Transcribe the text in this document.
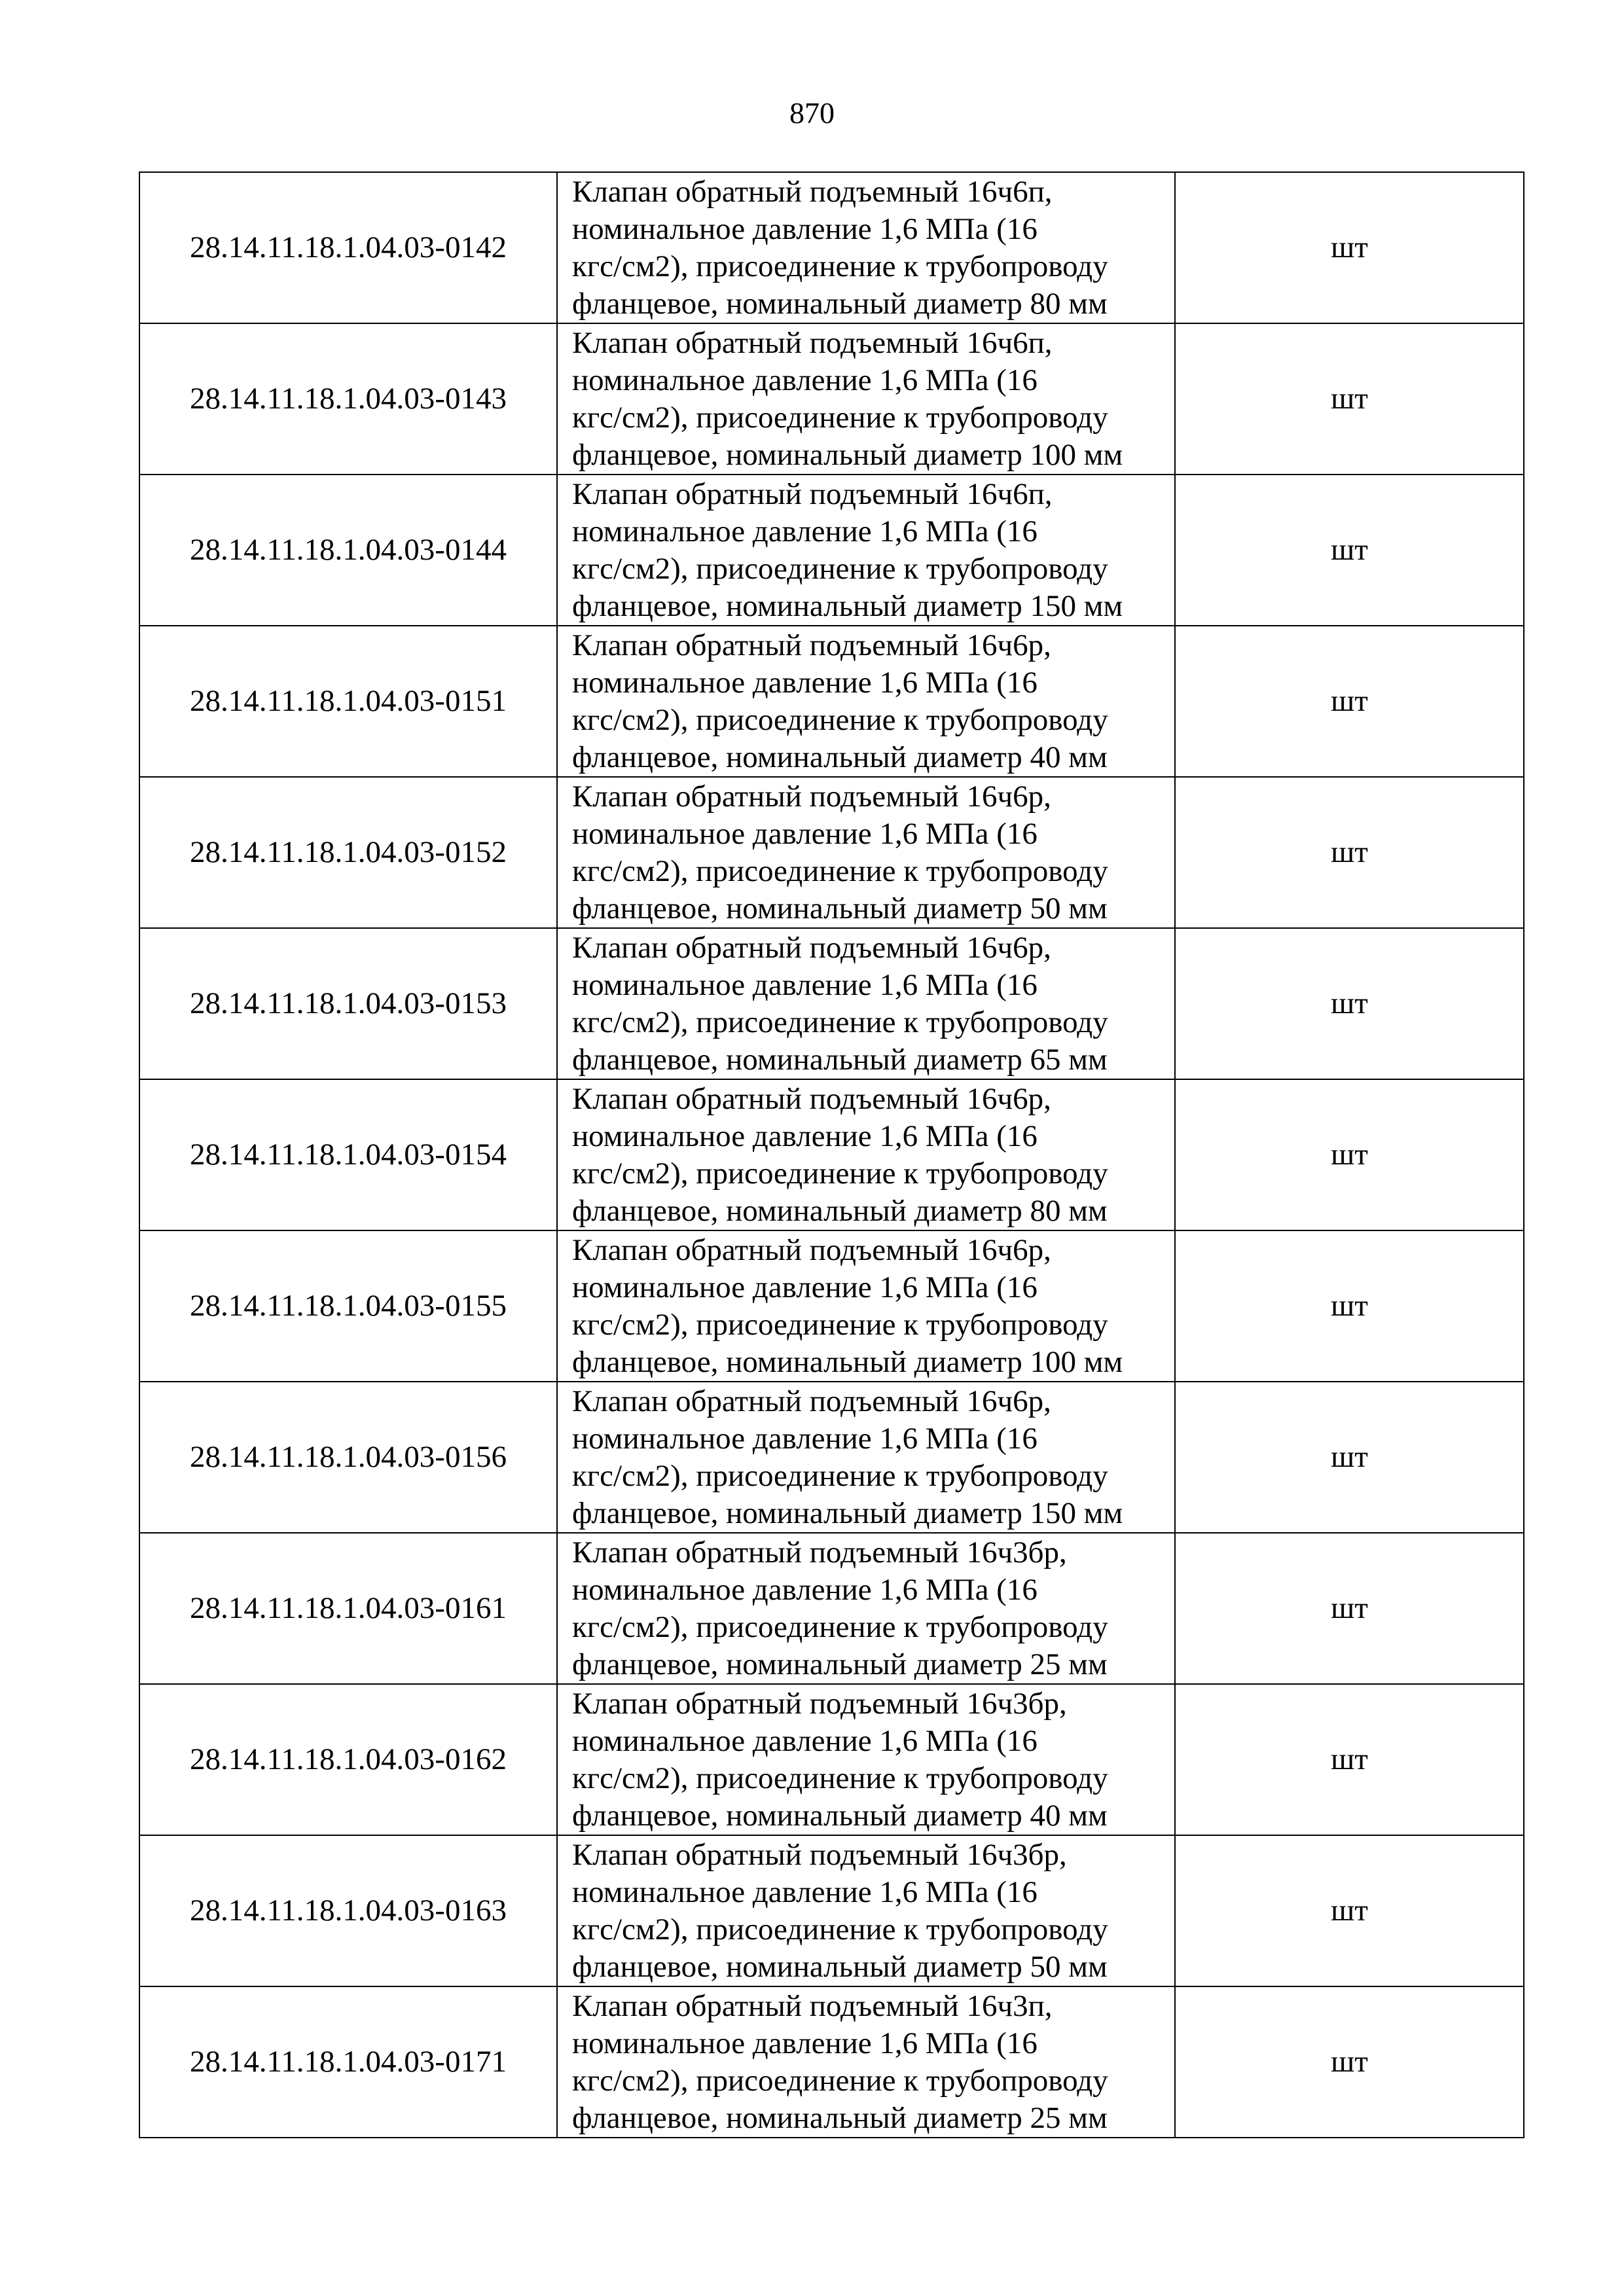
870
28.14.11.18.1.04.03-0142	Клапан обратный подъемный 16ч6п,
номинальное давление 1,6 МПа (16
кгс/см2), присоединение к трубопроводу
фланцевое, номинальный диаметр 80 мм	шт
28.14.11.18.1.04.03-0143	Клапан обратный подъемный 16ч6п,
номинальное давление 1,6 МПа (16
кгс/см2), присоединение к трубопроводу
фланцевое, номинальный диаметр 100 мм	шт
28.14.11.18.1.04.03-0144	Клапан обратный подъемный 16ч6п,
номинальное давление 1,6 МПа (16
кгс/см2), присоединение к трубопроводу
фланцевое, номинальный диаметр 150 мм	шт
28.14.11.18.1.04.03-0151	Клапан обратный подъемный 16ч6р,
номинальное давление 1,6 МПа (16
кгс/см2), присоединение к трубопроводу
фланцевое, номинальный диаметр 40 мм	шт
28.14.11.18.1.04.03-0152	Клапан обратный подъемный 16ч6р,
номинальное давление 1,6 МПа (16
кгс/см2), присоединение к трубопроводу
фланцевое, номинальный диаметр 50 мм	шт
28.14.11.18.1.04.03-0153	Клапан обратный подъемный 16ч6р,
номинальное давление 1,6 МПа (16
кгс/см2), присоединение к трубопроводу
фланцевое, номинальный диаметр 65 мм	шт
28.14.11.18.1.04.03-0154	Клапан обратный подъемный 16ч6р,
номинальное давление 1,6 МПа (16
кгс/см2), присоединение к трубопроводу
фланцевое, номинальный диаметр 80 мм	шт
28.14.11.18.1.04.03-0155	Клапан обратный подъемный 16ч6р,
номинальное давление 1,6 МПа (16
кгс/см2), присоединение к трубопроводу
фланцевое, номинальный диаметр 100 мм	шт
28.14.11.18.1.04.03-0156	Клапан обратный подъемный 16ч6р,
номинальное давление 1,6 МПа (16
кгс/см2), присоединение к трубопроводу
фланцевое, номинальный диаметр 150 мм	шт
28.14.11.18.1.04.03-0161	Клапан обратный подъемный 16ч3бр,
номинальное давление 1,6 МПа (16
кгс/см2), присоединение к трубопроводу
фланцевое, номинальный диаметр 25 мм	шт
28.14.11.18.1.04.03-0162	Клапан обратный подъемный 16ч3бр,
номинальное давление 1,6 МПа (16
кгс/см2), присоединение к трубопроводу
фланцевое, номинальный диаметр 40 мм	шт
28.14.11.18.1.04.03-0163	Клапан обратный подъемный 16ч3бр,
номинальное давление 1,6 МПа (16
кгс/см2), присоединение к трубопроводу
фланцевое, номинальный диаметр 50 мм	шт
28.14.11.18.1.04.03-0171	Клапан обратный подъемный 16ч3п,
номинальное давление 1,6 МПа (16
кгс/см2), присоединение к трубопроводу
фланцевое, номинальный диаметр 25 мм	шт
